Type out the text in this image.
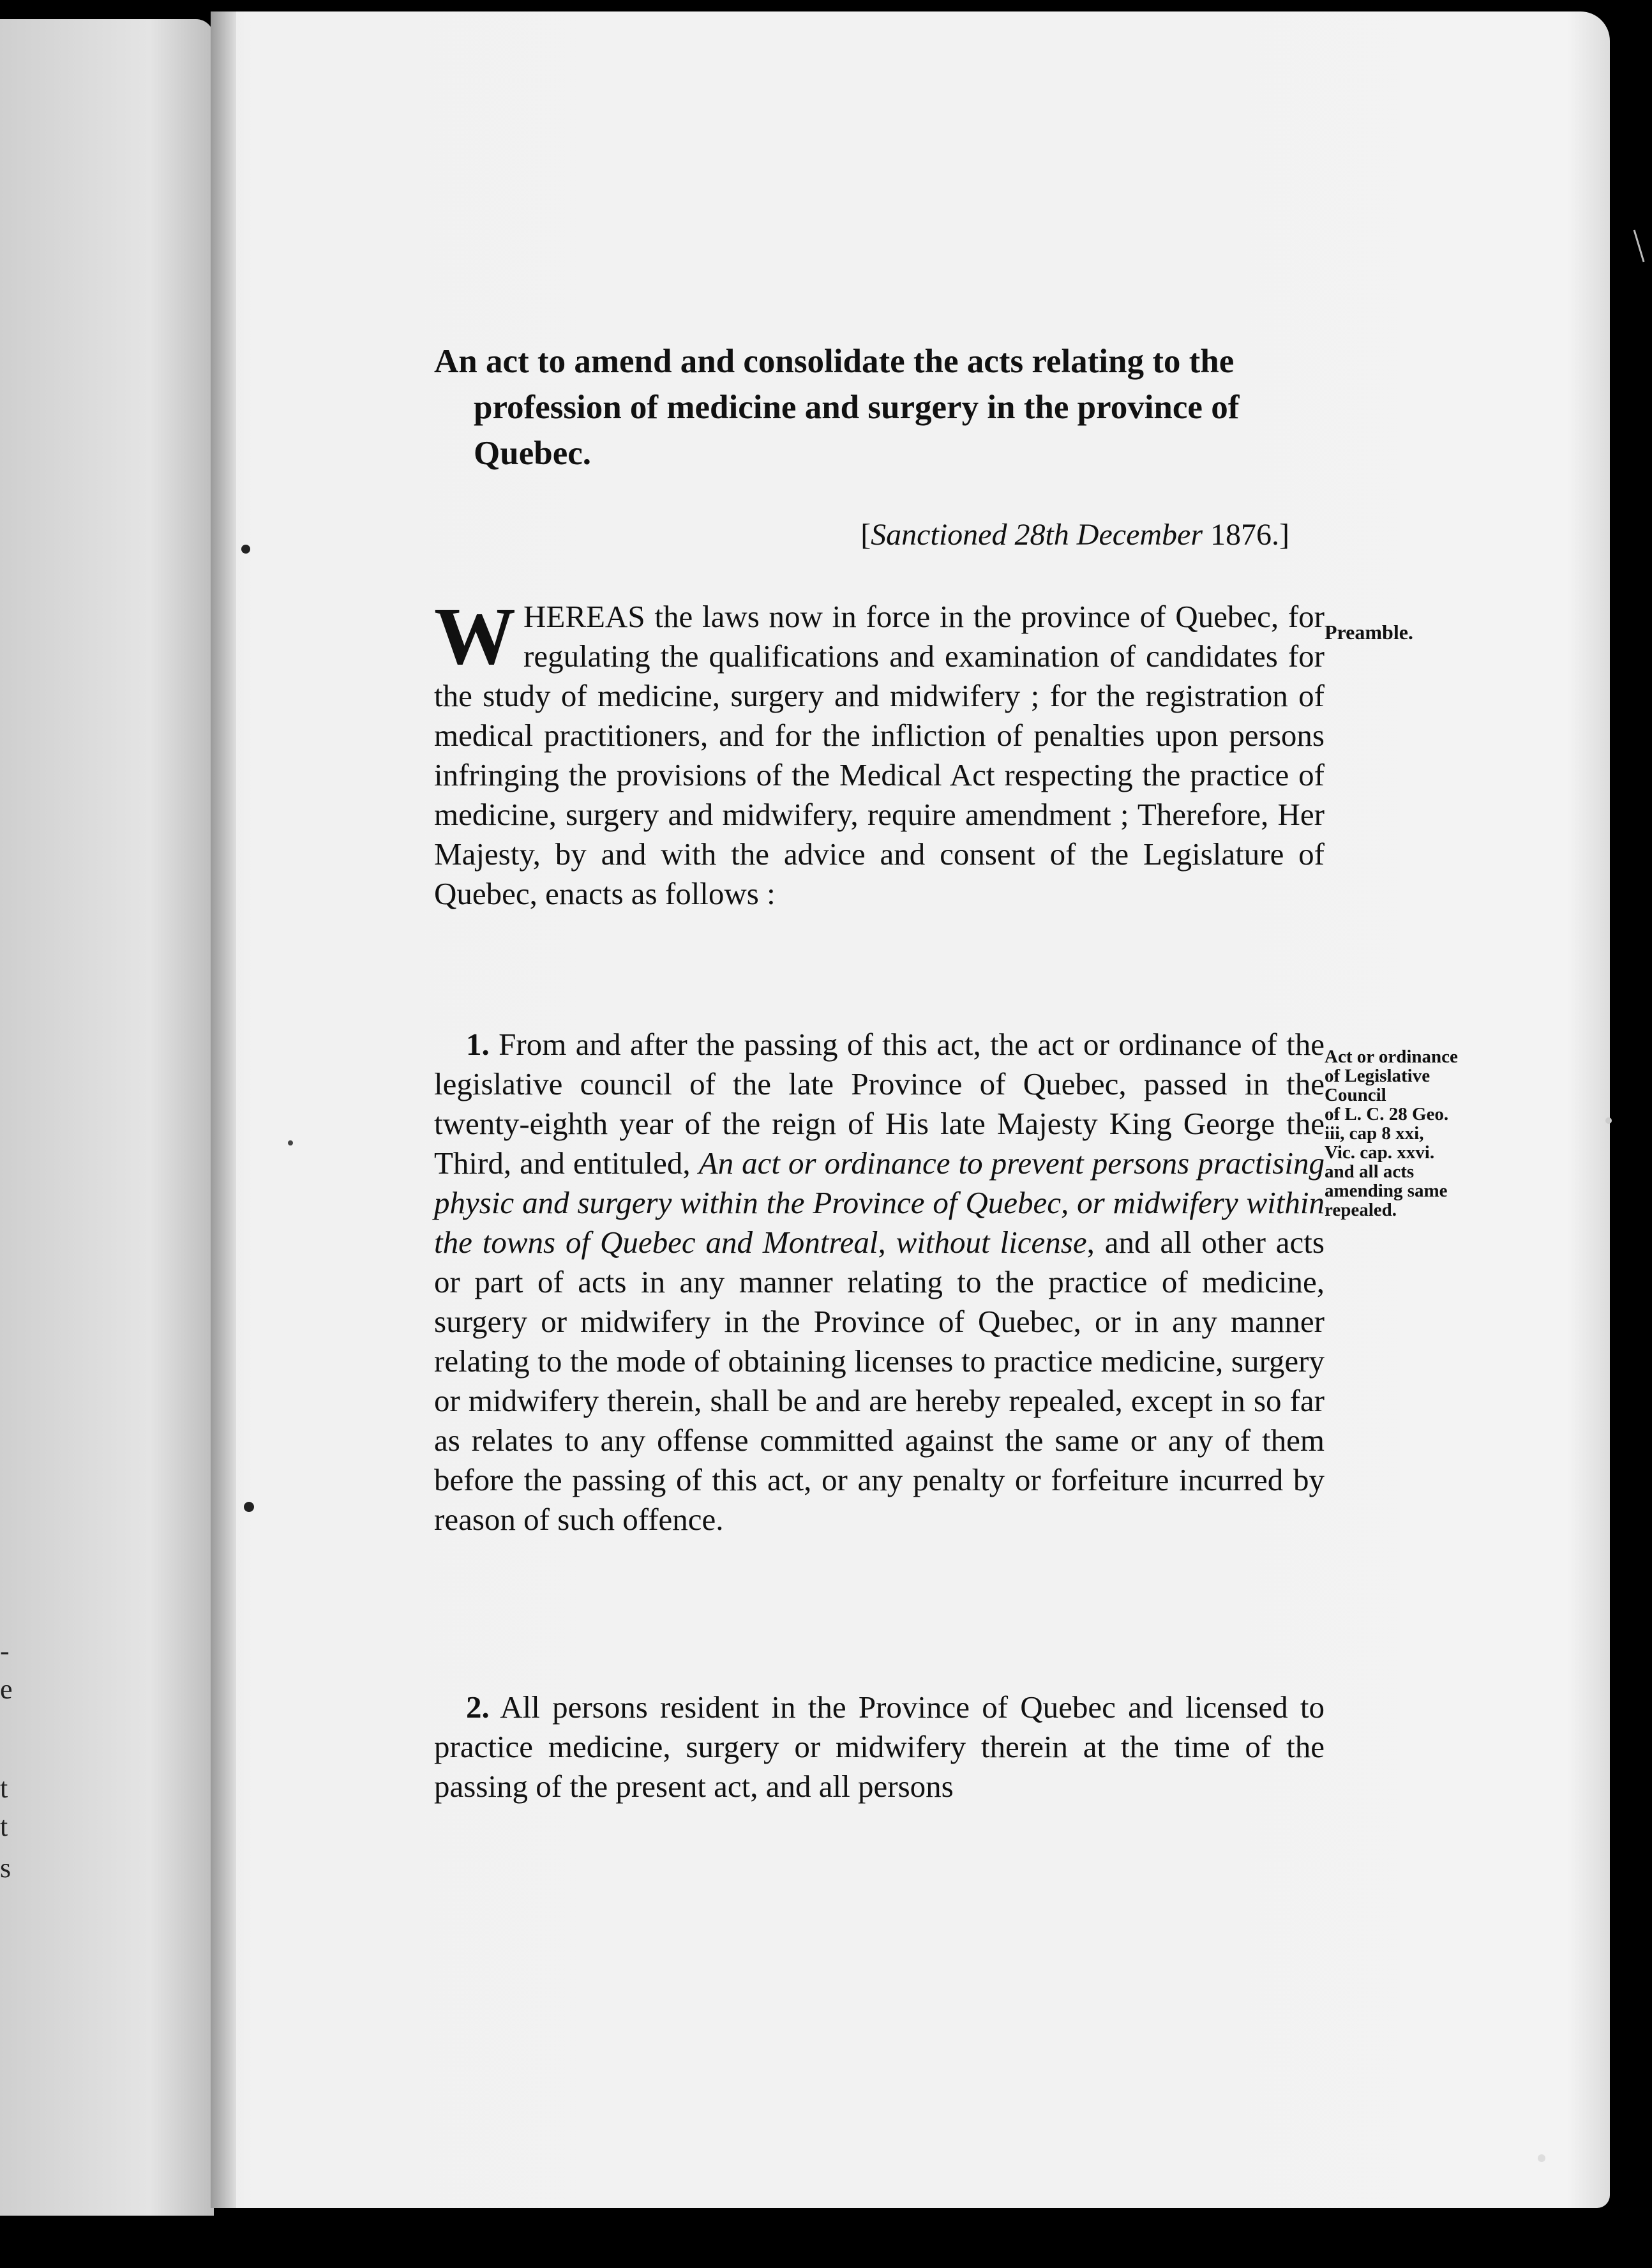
-
e
t
t
s
An act to amend and consolidate the acts relating to the profession of medicine and surgery in the province of Quebec.
[Sanctioned 28th December 1876.]

WHEREAS the laws now in force in the province of Quebec, for regulating the qualifications and examination of candidates for the study of medicine, surgery and midwifery ; for the registration of medical practitioners, and for the infliction of penalties upon persons infringing the provisions of the Medical Act respecting the practice of medicine, surgery and midwifery, require amendment ; Therefore, Her Majesty, by and with the advice and consent of the Legislature of Quebec, enacts as follows :

Preamble.

1. From and after the passing of this act, the act or ordinance of the legislative council of the late Province of Quebec, passed in the twenty-eighth year of the reign of His late Majesty King George the Third, and entituled, An act or ordinance to prevent persons practising physic and surgery within the Province of Quebec, or midwifery within the towns of Quebec and Montreal, without license, and all other acts or part of acts in any manner relating to the practice of medicine, surgery or midwifery in the Province of Quebec, or in any manner relating to the mode of obtaining licenses to practice medicine, surgery or midwifery therein, shall be and are hereby repealed, except in so far as relates to any offense committed against the same or any of them before the passing of this act, or any penalty or forfeiture incurred by reason of such offence.

Act or ordinance of Legislative Council
of L. C. 28 Geo.
iii, cap 8 xxi,
Vic. cap. xxvi.
and all acts
amending same
repealed.

2. All persons resident in the Province of Quebec and licensed to practice medicine, surgery or midwifery therein at the time of the passing of the present act, and all persons
